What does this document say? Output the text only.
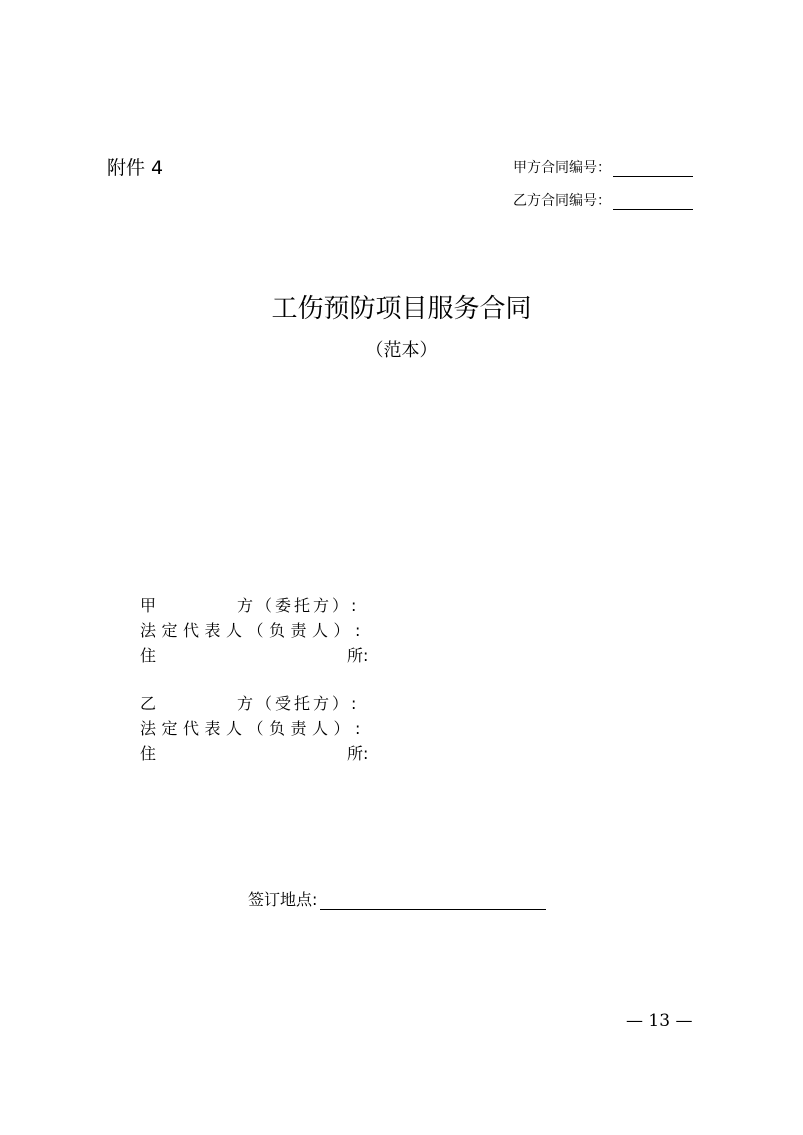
附件 4	甲方合同编号：
乙方合同编号：
工伤预防项目服务合同
（范本）
甲	方（委托方）:
法定代表人（负责人）:
住	所:
乙	方（受托方）:
法定代表人（负责人）:
住	所:
签订地点:
— 13 —
